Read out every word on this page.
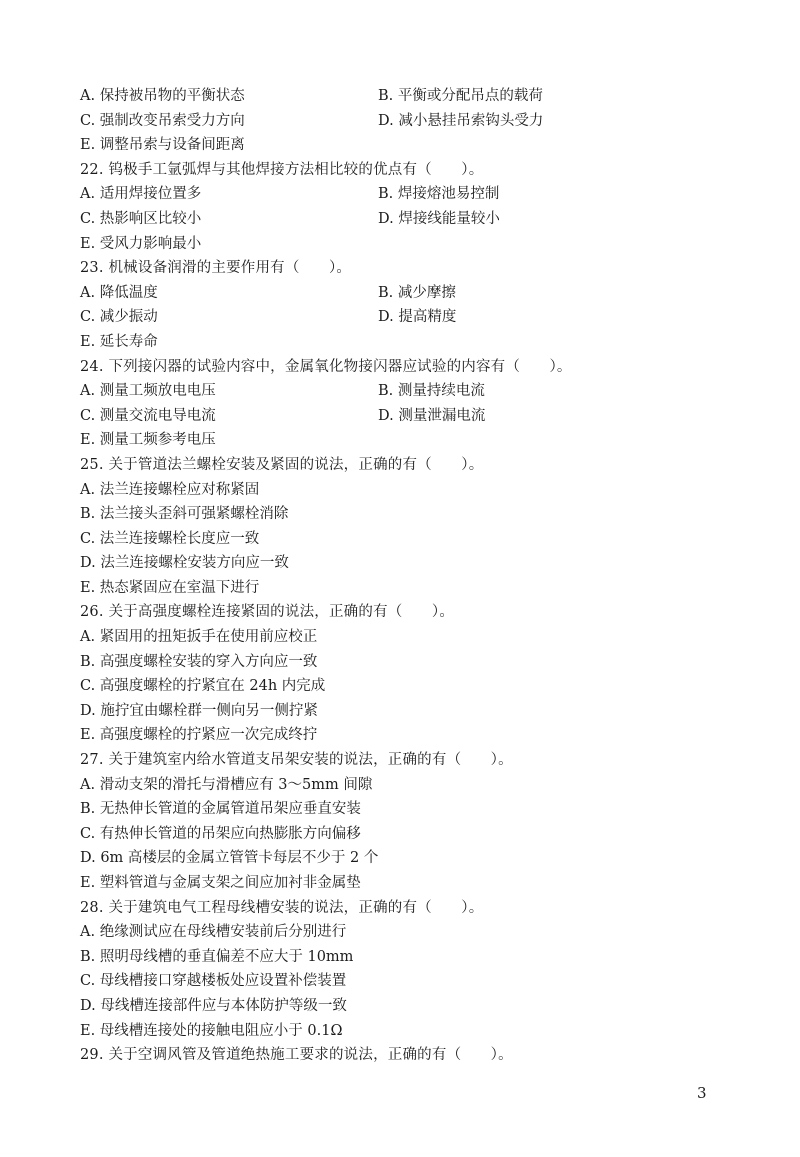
A. 保持被吊物的平衡状态	B. 平衡或分配吊点的载荷
C. 强制改变吊索受力方向	D. 减小悬挂吊索钩头受力
E. 调整吊索与设备间距离
22. 钨极手工氩弧焊与其他焊接方法相比较的优点有（　　）。
A. 适用焊接位置多	B. 焊接熔池易控制
C. 热影响区比较小	D. 焊接线能量较小
E. 受风力影响最小
23. 机械设备润滑的主要作用有（　　）。
A. 降低温度	B. 减少摩擦
C. 减少振动	D. 提高精度
E. 延长寿命
24. 下列接闪器的试验内容中，金属氧化物接闪器应试验的内容有（　　）。
A. 测量工频放电电压	B. 测量持续电流
C. 测量交流电导电流	D. 测量泄漏电流
E. 测量工频参考电压
25. 关于管道法兰螺栓安装及紧固的说法，正确的有（　　）。
A. 法兰连接螺栓应对称紧固
B. 法兰接头歪斜可强紧螺栓消除
C. 法兰连接螺栓长度应一致
D. 法兰连接螺栓安装方向应一致
E. 热态紧固应在室温下进行
26. 关于高强度螺栓连接紧固的说法，正确的有（　　）。
A. 紧固用的扭矩扳手在使用前应校正
B. 高强度螺栓安装的穿入方向应一致
C. 高强度螺栓的拧紧宜在 24h 内完成
D. 施拧宜由螺栓群一侧向另一侧拧紧
E. 高强度螺栓的拧紧应一次完成终拧
27. 关于建筑室内给水管道支吊架安装的说法，正确的有（　　）。
A. 滑动支架的滑托与滑槽应有 3～5mm 间隙
B. 无热伸长管道的金属管道吊架应垂直安装
C. 有热伸长管道的吊架应向热膨胀方向偏移
D. 6m 高楼层的金属立管管卡每层不少于 2 个
E. 塑料管道与金属支架之间应加衬非金属垫
28. 关于建筑电气工程母线槽安装的说法，正确的有（　　）。
A. 绝缘测试应在母线槽安装前后分别进行
B. 照明母线槽的垂直偏差不应大于 10mm
C. 母线槽接口穿越楼板处应设置补偿装置
D. 母线槽连接部件应与本体防护等级一致
E. 母线槽连接处的接触电阻应小于 0.1Ω
29. 关于空调风管及管道绝热施工要求的说法，正确的有（　　）。
3
